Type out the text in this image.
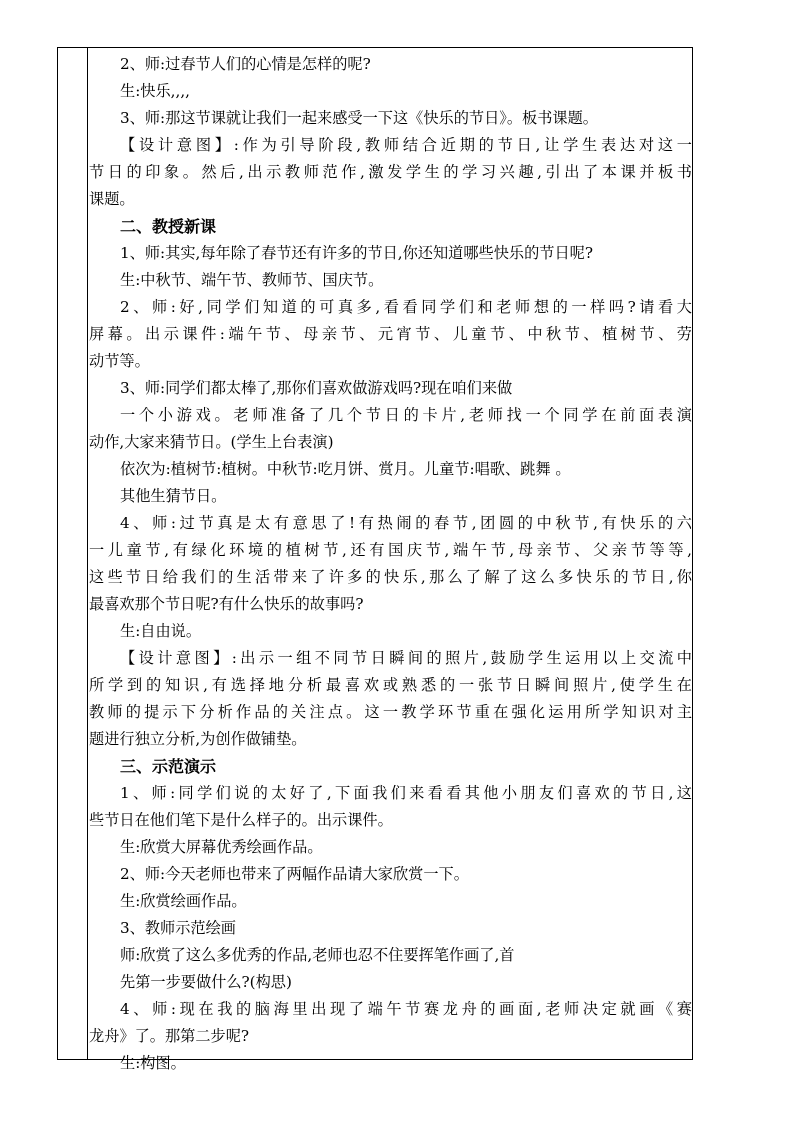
2、师:过春节人们的心情是怎样的呢?
生:快乐,,,,
3、师:那这节课就让我们一起来感受一下这《快乐的节日》。板书课题。
【设计意图】:作为引导阶段,教师结合近期的节日,让学生表达对这一
节日的印象。然后,出示教师范作,激发学生的学习兴趣,引出了本课并板书
课题。
二、教授新课
1、师:其实,每年除了春节还有许多的节日,你还知道哪些快乐的节日呢?
生:中秋节、端午节、教师节、国庆节。
2、师:好,同学们知道的可真多,看看同学们和老师想的一样吗?请看大
屏幕。出示课件:端午节、母亲节、元宵节、儿童节、中秋节、植树节、劳
动节等。
3、师:同学们都太棒了,那你们喜欢做游戏吗?现在咱们来做
一个小游戏。老师准备了几个节日的卡片,老师找一个同学在前面表演
动作,大家来猜节日。(学生上台表演)
依次为:植树节:植树。中秋节:吃月饼、赏月。儿童节:唱歌、跳舞 。
其他生猜节日。
4、师:过节真是太有意思了!有热闹的春节,团圆的中秋节,有快乐的六
一儿童节,有绿化环境的植树节,还有国庆节,端午节,母亲节、父亲节等等,
这些节日给我们的生活带来了许多的快乐,那么了解了这么多快乐的节日,你
最喜欢那个节日呢?有什么快乐的故事吗?
生:自由说。
【设计意图】:出示一组不同节日瞬间的照片,鼓励学生运用以上交流中
所学到的知识,有选择地分析最喜欢或熟悉的一张节日瞬间照片,使学生在
教师的提示下分析作品的关注点。这一教学环节重在强化运用所学知识对主
题进行独立分析,为创作做铺垫。
三、示范演示
1、师:同学们说的太好了,下面我们来看看其他小朋友们喜欢的节日,这
些节日在他们笔下是什么样子的。出示课件。
生:欣赏大屏幕优秀绘画作品。
2、师:今天老师也带来了两幅作品请大家欣赏一下。
生:欣赏绘画作品。
3、教师示范绘画
师:欣赏了这么多优秀的作品,老师也忍不住要挥笔作画了,首
先第一步要做什么?(构思)
4、师:现在我的脑海里出现了端午节赛龙舟的画面,老师决定就画《赛
龙舟》了。那第二步呢?
生:构图。
